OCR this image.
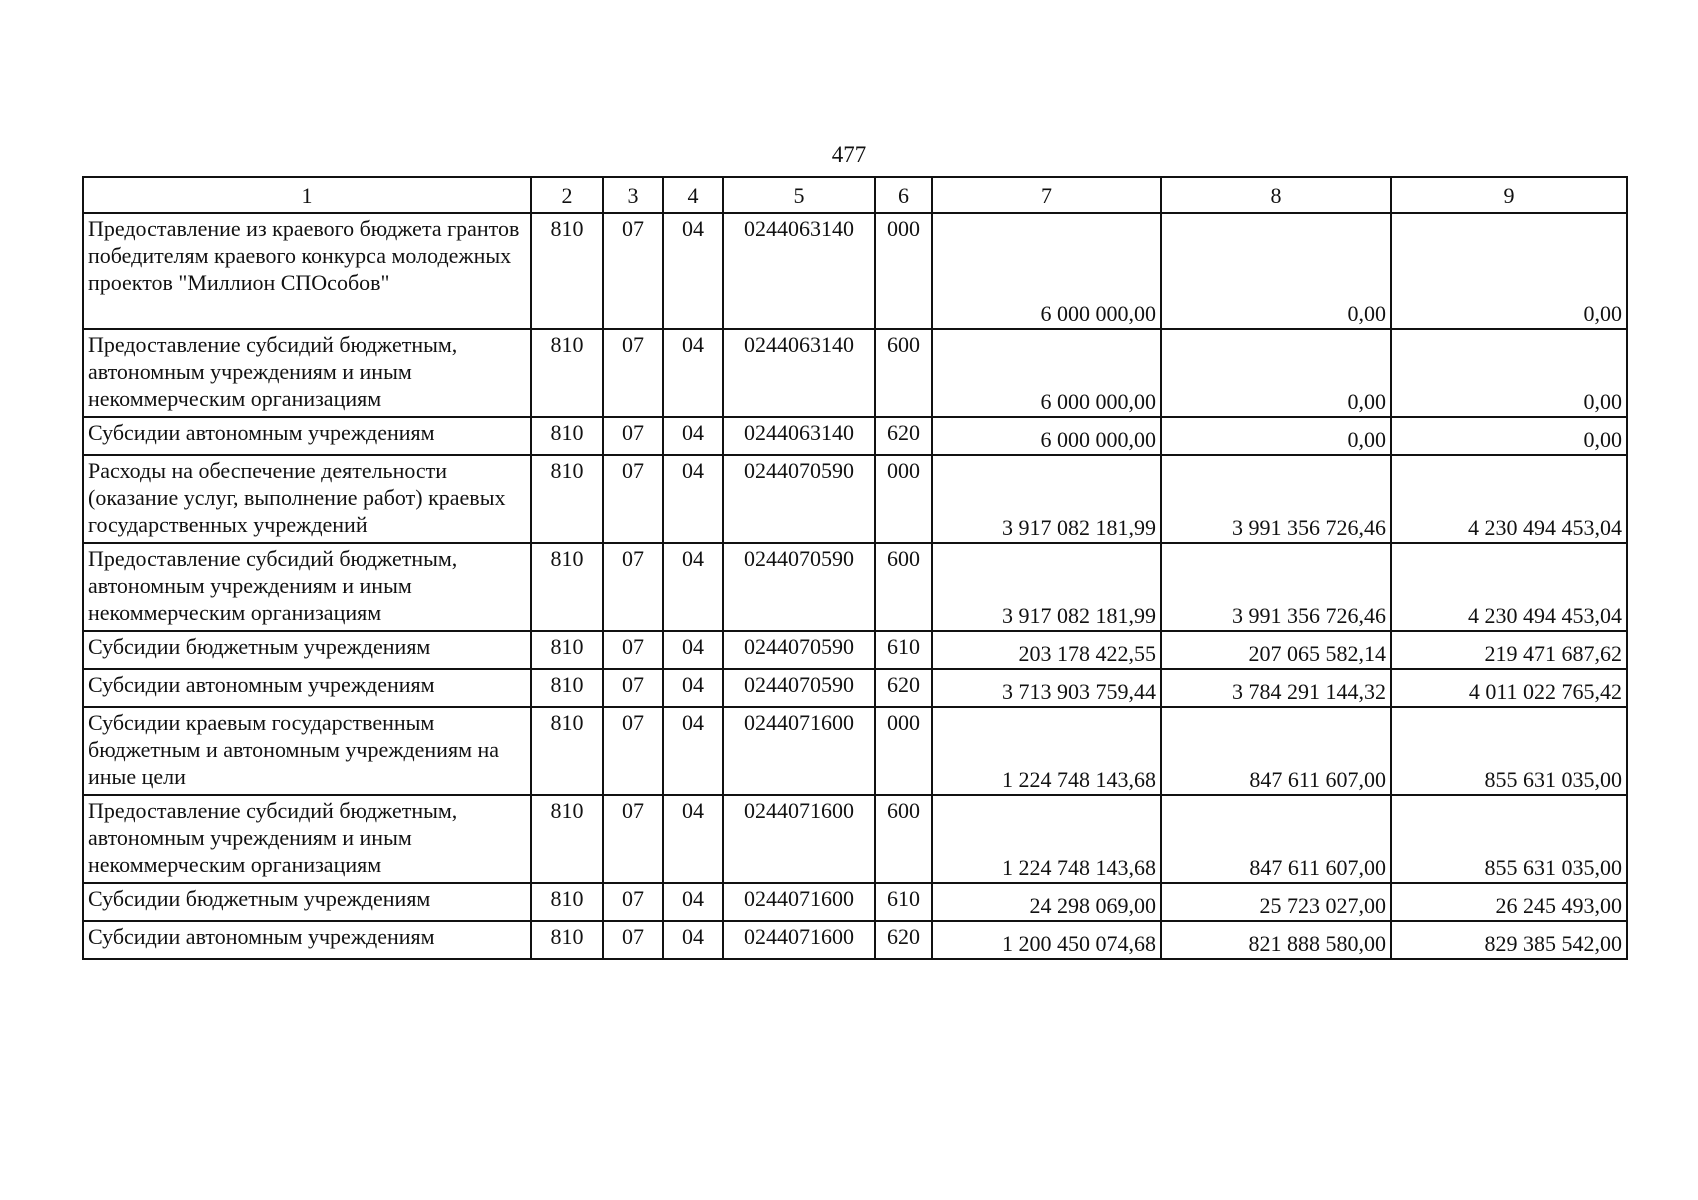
477
1	2	3	4	5	6	7	8	9
Предоставление из краевого бюджета грантов победителям краевого конкурса молодежных проектов "Миллион СПОсобов"	810	07	04	0244063140	000	6 000 000,00	0,00	0,00
Предоставление субсидий бюджетным, автономным учреждениям и иным некоммерческим организациям	810	07	04	0244063140	600	6 000 000,00	0,00	0,00
Субсидии автономным учреждениям	810	07	04	0244063140	620	6 000 000,00	0,00	0,00
Расходы на обеспечение деятельности (оказание услуг, выполнение работ) краевых государственных учреждений	810	07	04	0244070590	000	3 917 082 181,99	3 991 356 726,46	4 230 494 453,04
Предоставление субсидий бюджетным, автономным учреждениям и иным некоммерческим организациям	810	07	04	0244070590	600	3 917 082 181,99	3 991 356 726,46	4 230 494 453,04
Субсидии бюджетным учреждениям	810	07	04	0244070590	610	203 178 422,55	207 065 582,14	219 471 687,62
Субсидии автономным учреждениям	810	07	04	0244070590	620	3 713 903 759,44	3 784 291 144,32	4 011 022 765,42
Субсидии краевым государственным бюджетным и автономным учреждениям на иные цели	810	07	04	0244071600	000	1 224 748 143,68	847 611 607,00	855 631 035,00
Предоставление субсидий бюджетным, автономным учреждениям и иным некоммерческим организациям	810	07	04	0244071600	600	1 224 748 143,68	847 611 607,00	855 631 035,00
Субсидии бюджетным учреждениям	810	07	04	0244071600	610	24 298 069,00	25 723 027,00	26 245 493,00
Субсидии автономным учреждениям	810	07	04	0244071600	620	1 200 450 074,68	821 888 580,00	829 385 542,00
